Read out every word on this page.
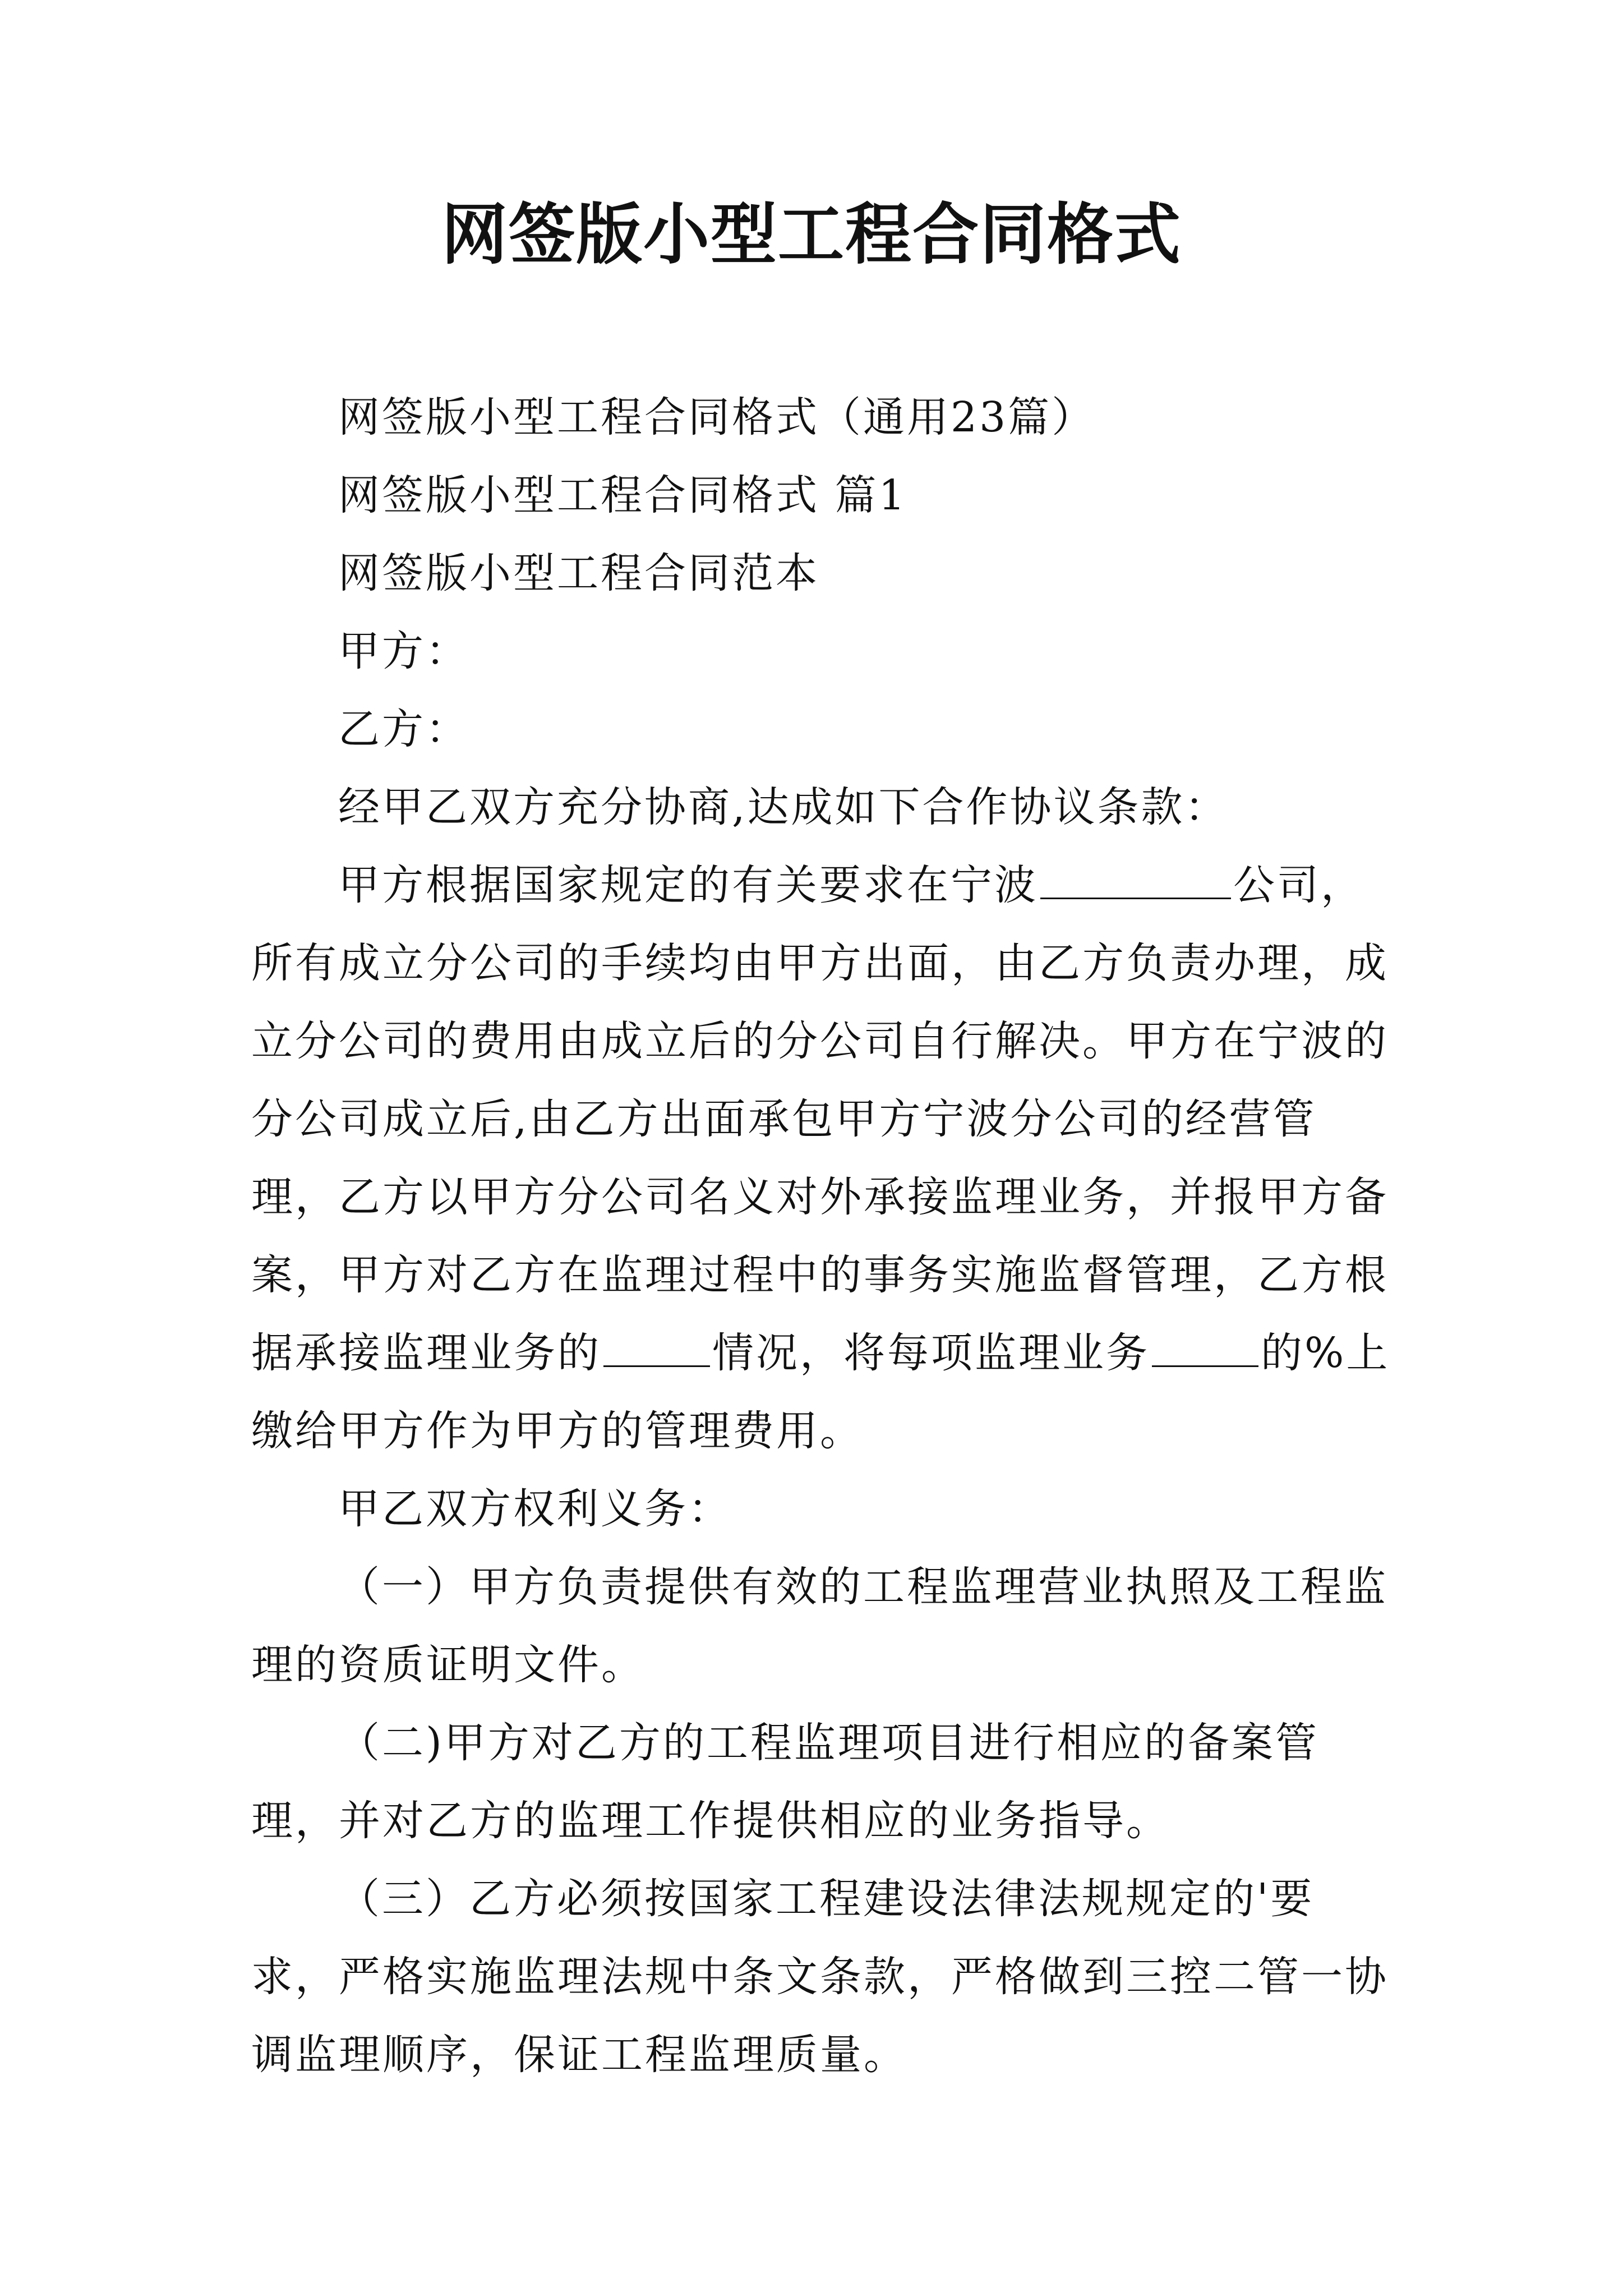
网签版小型工程合同格式

网签版小型工程合同格式（通用23篇）

网签版小型工程合同格式 篇1

网签版小型工程合同范本

甲方：

乙方：

经甲乙双方充分协商,达成如下合作协议条款：

甲方根据国家规定的有关要求在宁波	公司，所有成立分公司的手续均由甲方出面，由乙方负责办理，成立分公司的费用由成立后的分公司自行解决。甲方在宁波的分公司成立后,由乙方出面承包甲方宁波分公司的经营管理，乙方以甲方分公司名义对外承接监理业务，并报甲方备案，甲方对乙方在监理过程中的事务实施监督管理，乙方根据承接监理业务的	情况，将每项监理业务	的%上缴给甲方作为甲方的管理费用。

甲乙双方权利义务：

（一）甲方负责提供有效的工程监理营业执照及工程监理的资质证明文件。

（二)甲方对乙方的工程监理项目进行相应的备案管理，并对乙方的监理工作提供相应的业务指导。

（三）乙方必须按国家工程建设法律法规规定的'要求，严格实施监理法规中条文条款，严格做到三控二管一协调监理顺序，保证工程监理质量。
